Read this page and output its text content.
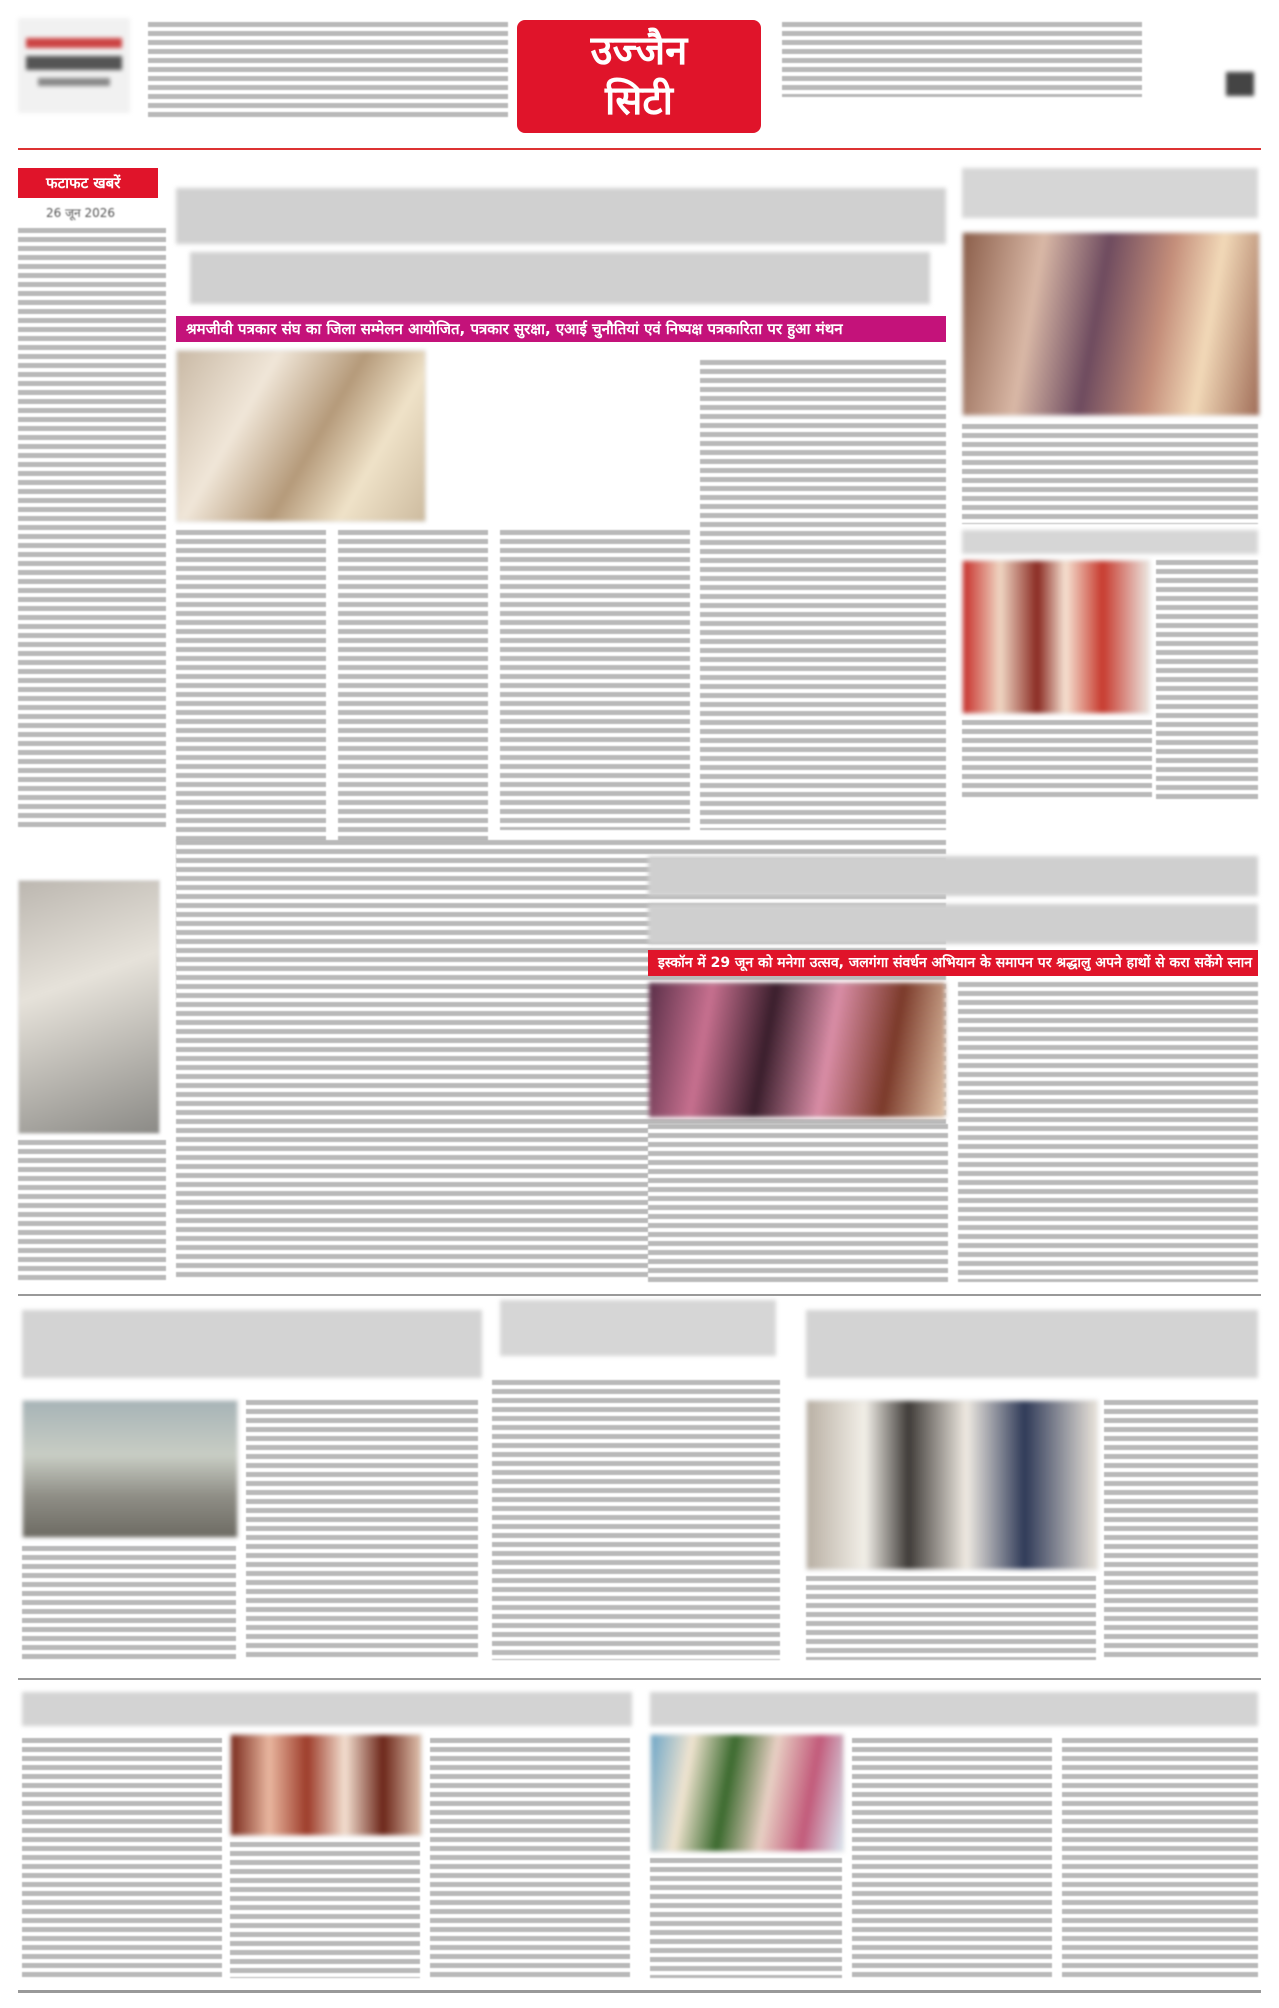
उज्जैन
सिटी
फटाफट खबरें
26 जून 2026
श्रमजीवी पत्रकार संघ का जिला सम्मेलन आयोजित, पत्रकार सुरक्षा, एआई चुनौतियां एवं निष्पक्ष पत्रकारिता पर हुआ मंथन
इस्कॉन में 29 जून को मनेगा उत्सव, जलगंगा संवर्धन अभियान के समापन पर श्रद्धालु अपने हाथों से करा सकेंगे स्नान
